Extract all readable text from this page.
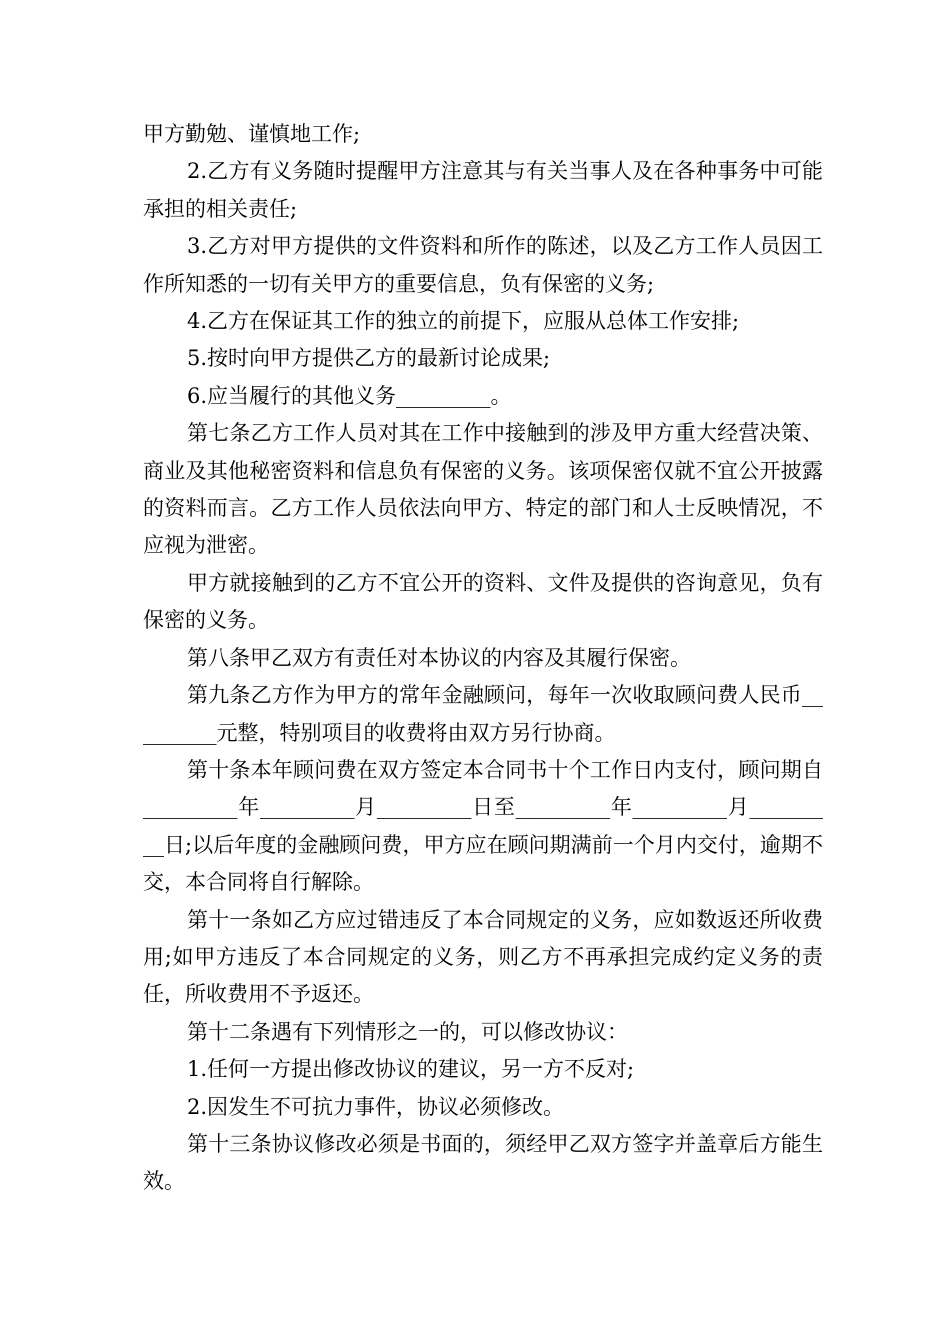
甲方勤勉、谨慎地工作;

2.乙方有义务随时提醒甲方注意其与有关当事人及在各种事务中可能承担的相关责任;

3.乙方对甲方提供的文件资料和所作的陈述，以及乙方工作人员因工作所知悉的一切有关甲方的重要信息，负有保密的义务;

4.乙方在保证其工作的独立的前提下，应服从总体工作安排;

5.按时向甲方提供乙方的最新讨论成果;

6.应当履行的其他义务_________。

第七条乙方工作人员对其在工作中接触到的涉及甲方重大经营决策、商业及其他秘密资料和信息负有保密的义务。该项保密仅就不宜公开披露的资料而言。乙方工作人员依法向甲方、特定的部门和人士反映情况，不应视为泄密。

甲方就接触到的乙方不宜公开的资料、文件及提供的咨询意见，负有保密的义务。

第八条甲乙双方有责任对本协议的内容及其履行保密。

第九条乙方作为甲方的常年金融顾问，每年一次收取顾问费人民币_________元整，特别项目的收费将由双方另行协商。

第十条本年顾问费在双方签定本合同书十个工作日内支付，顾问期自_________年_________月_________日至_________年_________月_________日;以后年度的金融顾问费，甲方应在顾问期满前一个月内交付，逾期不交，本合同将自行解除。

第十一条如乙方应过错违反了本合同规定的义务，应如数返还所收费用;如甲方违反了本合同规定的义务，则乙方不再承担完成约定义务的责任，所收费用不予返还。

第十二条遇有下列情形之一的，可以修改协议：

1.任何一方提出修改协议的建议，另一方不反对;

2.因发生不可抗力事件，协议必须修改。

第十三条协议修改必须是书面的，须经甲乙双方签字并盖章后方能生效。
